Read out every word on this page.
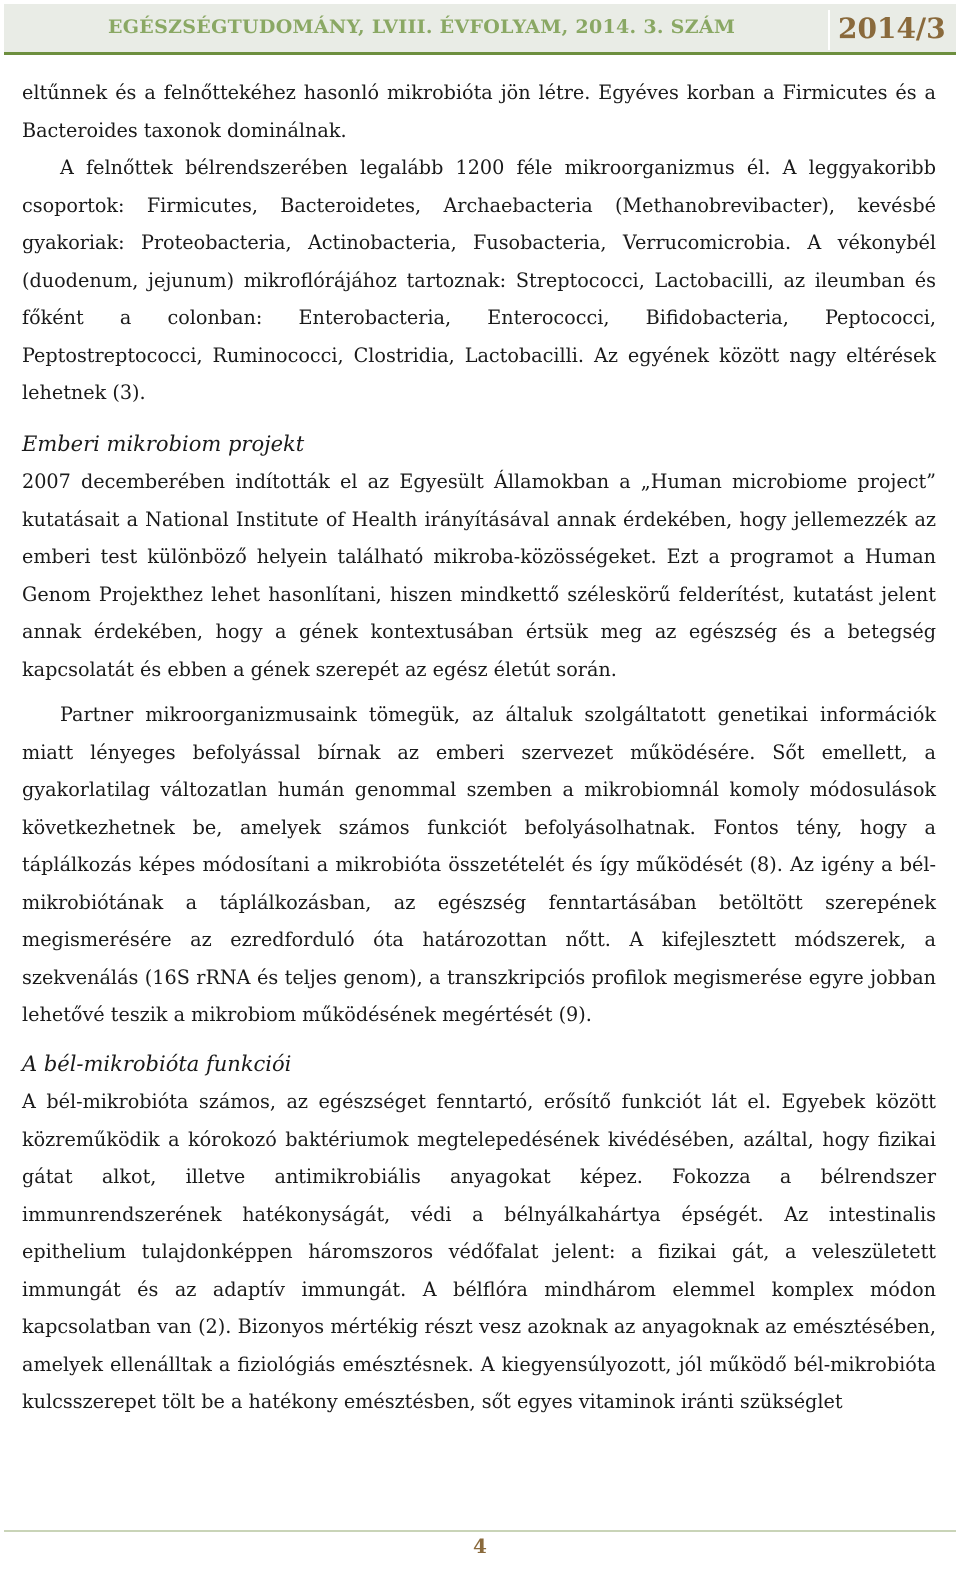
EGÉSZSÉGTUDOMÁNY, LVIII. ÉVFOLYAM, 2014. 3. SZÁM	2014/3

eltűnnek és a felnőttekéhez hasonló mikrobióta jön létre. Egyéves korban a Firmicutes és a Bacteroides taxonok dominálnak.

A felnőttek bélrendszerében legalább 1200 féle mikroorganizmus él. A leggyakoribb csoportok: Firmicutes, Bacteroidetes, Archaebacteria (Methanobrevibacter), kevésbé gyakoriak: Proteobacteria, Actinobacteria, Fusobacteria, Verrucomicrobia. A vékonybél (duodenum, jejunum) mikroflórájához tartoznak: Streptococci, Lactobacilli, az ileumban és főként a colonban: Enterobacteria, Enterococci, Bifidobacteria, Peptococci, Peptostreptococci, Ruminococci, Clostridia, Lactobacilli. Az egyének között nagy eltérések lehetnek (3).

Emberi mikrobiom projekt

2007 decemberében indították el az Egyesült Államokban a „Human microbiome project” kutatásait a National Institute of Health irányításával annak érdekében, hogy jellemezzék az emberi test különböző helyein található mikroba-közösségeket. Ezt a programot a Human Genom Projekthez lehet hasonlítani, hiszen mindkettő széleskörű felderítést, kutatást jelent annak érdekében, hogy a gének kontextusában értsük meg az egészség és a betegség kapcsolatát és ebben a gének szerepét az egész életút során.

Partner mikroorganizmusaink tömegük, az általuk szolgáltatott genetikai információk miatt lényeges befolyással bírnak az emberi szervezet működésére. Sőt emellett, a gyakorlatilag változatlan humán genommal szemben a mikrobiomnál komoly módosulások következhetnek be, amelyek számos funkciót befolyásolhatnak. Fontos tény, hogy a táplálkozás képes módosítani a mikrobióta összetételét és így működését (8). Az igény a bél-mikrobiótának a táplálkozásban, az egészség fenntartásában betöltött szerepének megismerésére az ezredforduló óta határozottan nőtt. A kifejlesztett módszerek, a szekvenálás (16S rRNA és teljes genom), a transzkripciós profilok megismerése egyre jobban lehetővé teszik a mikrobiom működésének megértését (9).

A bél-mikrobióta funkciói

A bél-mikrobióta számos, az egészséget fenntartó, erősítő funkciót lát el. Egyebek között közreműködik a kórokozó baktériumok megtelepedésének kivédésében, azáltal, hogy fizikai gátat alkot, illetve antimikrobiális anyagokat képez. Fokozza a bélrendszer immunrendszerének hatékonyságát, védi a bélnyálkahártya épségét. Az intestinalis epithelium tulajdonképpen háromszoros védőfalat jelent: a fizikai gát, a veleszületett immungát és az adaptív immungát. A bélflóra mindhárom elemmel komplex módon kapcsolatban van (2). Bizonyos mértékig részt vesz azoknak az anyagoknak az emésztésében, amelyek ellenálltak a fiziológiás emésztésnek. A kiegyensúlyozott, jól működő bél-mikrobióta kulcsszerepet tölt be a hatékony emésztésben, sőt egyes vitaminok iránti szükséglet

4
